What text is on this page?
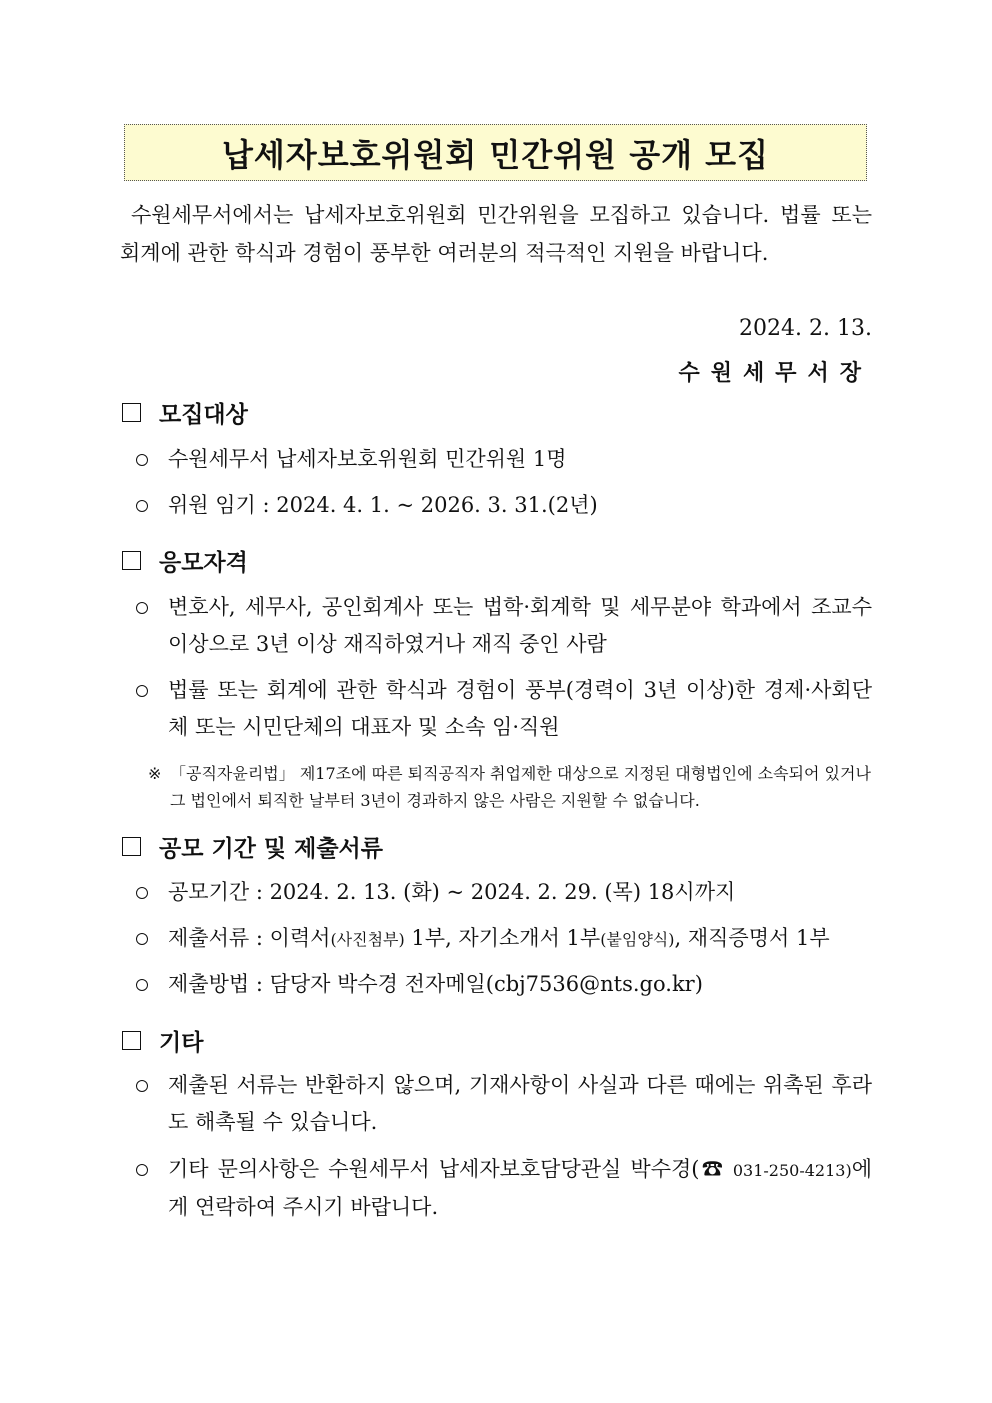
납세자보호위원회 민간위원 공개 모집

수원세무서에서는 납세자보호위원회 민간위원을 모집하고 있습니다. 법률 또는 회계에 관한 학식과 경험이 풍부한 여러분의 적극적인 지원을 바랍니다.

2024. 2. 13.

수원세무서장

모집대상
수원세무서 납세자보호위원회 민간위원 1명
위원 임기 : 2024. 4. 1. ~ 2026. 3. 31.(2년)
응모자격
변호사, 세무사, 공인회계사 또는 법학·회계학 및 세무분야 학과에서 조교수 이상으로 3년 이상 재직하였거나 재직 중인 사람
법률 또는 회계에 관한 학식과 경험이 풍부(경력이 3년 이상)한 경제·사회단체 또는 시민단체의 대표자 및 소속 임·직원
※ 「공직자윤리법」 제17조에 따른 퇴직공직자 취업제한 대상으로 지정된 대형법인에 소속되어 있거나 그 법인에서 퇴직한 날부터 3년이 경과하지 않은 사람은 지원할 수 없습니다.
공모 기간 및 제출서류
공모기간 : 2024. 2. 13. (화) ~ 2024. 2. 29. (목) 18시까지
제출서류 : 이력서(사진첨부) 1부, 자기소개서 1부(붙임양식), 재직증명서 1부
제출방법 : 담당자 박수경 전자메일(cbj7536@nts.go.kr)
기타
제출된 서류는 반환하지 않으며, 기재사항이 사실과 다른 때에는 위촉된 후라도 해촉될 수 있습니다.
기타 문의사항은 수원세무서 납세자보호담당관실 박수경(☎ 031-250-4213)에게 연락하여 주시기 바랍니다.
